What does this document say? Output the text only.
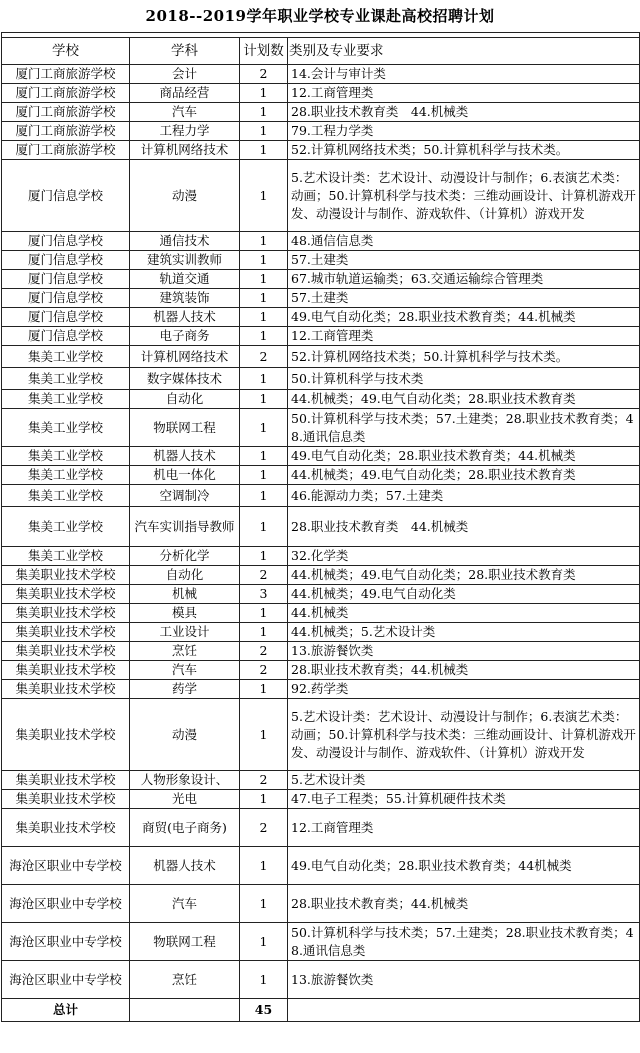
2018--2019学年职业学校专业课赴高校招聘计划

学校	学科	计划数	类别及专业要求
厦门工商旅游学校	会计	2	14.会计与审计类
厦门工商旅游学校	商品经营	1	12.工商管理类
厦门工商旅游学校	汽车	1	28.职业技术教育类　44.机械类
厦门工商旅游学校	工程力学	1	79.工程力学类
厦门工商旅游学校	计算机网络技术	1	52.计算机网络技术类；50.计算机科学与技术类。
厦门信息学校	动漫	1	5.艺术设计类：艺术设计、动漫设计与制作；6.表演艺术类：动画；50.计算机科学与技术类：三维动画设计、计算机游戏开发、动漫设计与制作、游戏软件、（计算机）游戏开发
厦门信息学校	通信技术	1	48.通信信息类
厦门信息学校	建筑实训教师	1	57.土建类
厦门信息学校	轨道交通	1	67.城市轨道运输类；63.交通运输综合管理类
厦门信息学校	建筑装饰	1	57.土建类
厦门信息学校	机器人技术	1	49.电气自动化类；28.职业技术教育类；44.机械类
厦门信息学校	电子商务	1	12.工商管理类
集美工业学校	计算机网络技术	2	52.计算机网络技术类；50.计算机科学与技术类。
集美工业学校	数字媒体技术	1	50.计算机科学与技术类
集美工业学校	自动化	1	44.机械类；49.电气自动化类；28.职业技术教育类
集美工业学校	物联网工程	1	50.计算机科学与技术类；57.土建类；28.职业技术教育类；48.通讯信息类
集美工业学校	机器人技术	1	49.电气自动化类；28.职业技术教育类；44.机械类
集美工业学校	机电一体化	1	44.机械类；49.电气自动化类；28.职业技术教育类
集美工业学校	空调制冷	1	46.能源动力类；57.土建类
集美工业学校	汽车实训指导教师	1	28.职业技术教育类　44.机械类
集美工业学校	分析化学	1	32.化学类
集美职业技术学校	自动化	2	44.机械类；49.电气自动化类；28.职业技术教育类
集美职业技术学校	机械	3	44.机械类；49.电气自动化类
集美职业技术学校	模具	1	44.机械类
集美职业技术学校	工业设计	1	44.机械类；5.艺术设计类
集美职业技术学校	烹饪	2	13.旅游餐饮类
集美职业技术学校	汽车	2	28.职业技术教育类；44.机械类
集美职业技术学校	药学	1	92.药学类
集美职业技术学校	动漫	1	5.艺术设计类：艺术设计、动漫设计与制作；6.表演艺术类：动画；50.计算机科学与技术类：三维动画设计、计算机游戏开发、动漫设计与制作、游戏软件、（计算机）游戏开发
集美职业技术学校	人物形象设计、	2	5.艺术设计类
集美职业技术学校	光电	1	47.电子工程类；55.计算机硬件技术类
集美职业技术学校	商贸(电子商务)	2	12.工商管理类
海沧区职业中专学校	机器人技术	1	49.电气自动化类；28.职业技术教育类；44机械类
海沧区职业中专学校	汽车	1	28.职业技术教育类；44.机械类
海沧区职业中专学校	物联网工程	1	50.计算机科学与技术类；57.土建类；28.职业技术教育类；48.通讯信息类
海沧区职业中专学校	烹饪	1	13.旅游餐饮类
总计		45	
